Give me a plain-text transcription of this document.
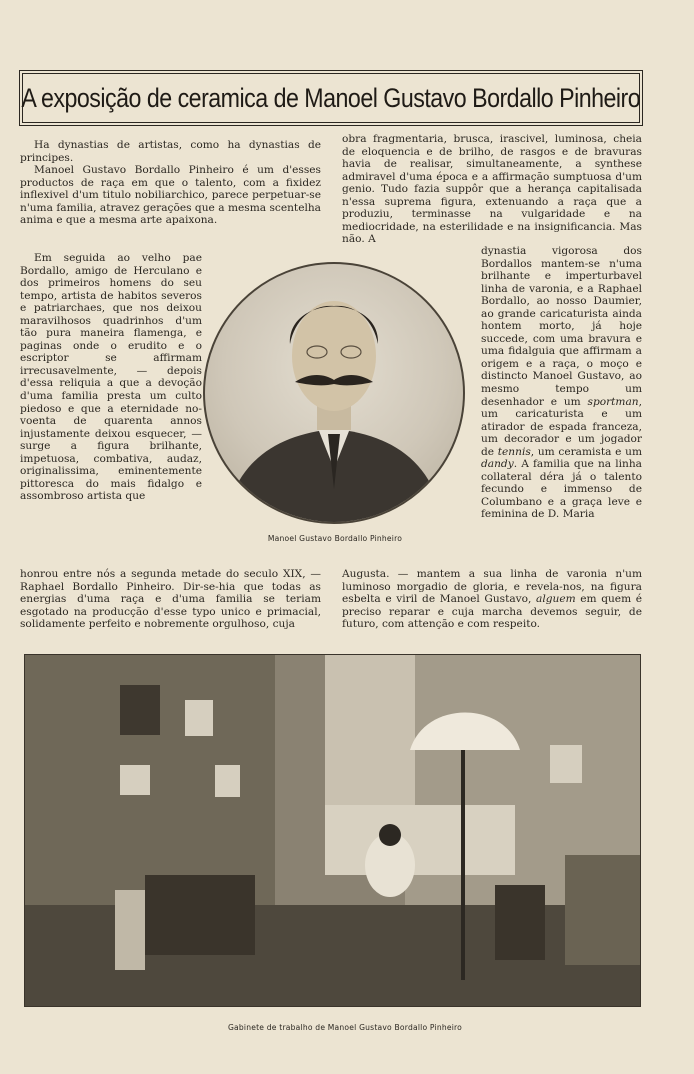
A exposição de ceramica de Manoel Gustavo Bordallo Pinheiro

Ha dynastias de artistas, como ha dynastias de principes.

Manoel Gustavo Bordallo Pinheiro é um d'esses productos de raça em que o talento, com a fixidez inflexivel d'um titulo nobiliarchico, parece perpetuar-se n'uma familia, atravez gerações que a mesma scentelha anima e que a mesma arte apaixona.

Em seguida ao velho pae Bordallo, amigo de Herculano e dos primeiros homens do seu tempo, artista de habitos severos e patriarchaes, que nos deixou maravilhosos quadrinhos d'um tão pura maneira flamenga, e paginas onde o erudito e o escriptor se affirmam irrecusavelmente, — depois d'essa reliquia a que a devoção d'uma familia presta um culto piedoso e que a eternidade novoenta de quarenta annos injustamente deixou esquecer, — surge a figura brilhante, impetuosa, combativa, audaz, originalissima, eminentemente pittoresca do mais fidalgo e assombroso artista que

honrou entre nós a segunda metade do seculo XIX, — Raphael Bordallo Pinheiro. Dir-se-hia que todas as energias d'uma raça e d'uma familia se teriam esgotado na producção d'esse typo unico e primacial, solidamente perfeito e nobremente orgulhoso, cuja

obra fragmentaria, brusca, irascivel, luminosa, cheia de eloquencia e de brilho, de rasgos e de bravuras havia de realisar, simultaneamente, a synthese admiravel d'uma época e a affirmação sumptuosa d'um genio. Tudo fazia suppôr que a herança capitalisada n'essa suprema figura, extenuando a raça que a produziu, terminasse na vulgaridade e na mediocridade, na esterilidade e na insignificancia. Mas não. A

dynastia vigorosa dos Bordallos mantem-se n'uma brilhante e imperturbavel linha de varonia, e a Raphael Bordallo, ao nosso Daumier, ao grande caricaturista ainda hontem morto, já hoje succede, com uma bravura e uma fidalguia que affirmam a origem e a raça, o moço e distincto Manoel Gustavo, ao mesmo tempo um desenhador e um sportman, um caricaturista e um atirador de espada franceza, um decorador e um jogador de tennis, um ceramista e um dandy. A familia que na linha collateral déra já o talento fecundo e immenso de Columbano e a graça leve e feminina de D. Maria

Augusta. — mantem a sua linha de varonia n'um luminoso morgadio de gloria, e revela-nos, na figura esbelta e viril de Manoel Gustavo, alguem em quem é preciso reparar e cuja marcha devemos seguir, de futuro, com attenção e com respeito.

Manoel Gustavo Bordallo Pinheiro
Gabinete de trabalho de Manoel Gustavo Bordallo Pinheiro
